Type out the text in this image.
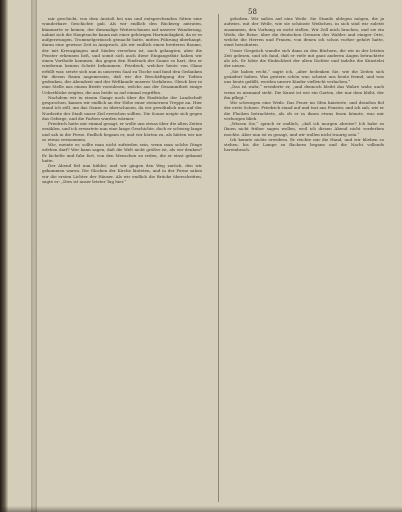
58

mir geschickt, von dem Anstoß bei uns und entsprechenden Sitten eine wunderbare Geschichte gab. Als wir endlich den Rückweg antraten, kümmerte er keinen, der diesmalige Weiterschauen auf unserer Wanderung, nahmt sich die Hauptsache kaum mit einer gehörigen Hartnäckigkeit, da er es aufgezwungen. Trommelgeräusch gemacht hatte, mitten Führung überhaupt, daran eine gewisse Zeit in Anspruch. Als wir endlich einen breiteren Raume, der mit Kreuzgängen und Säulen versehen ist, auch gelangten, aber die Fenster erkennen ließ, und somit sich auch diese Eingangsthür haben wir einen Vortheile kommen, ihn gegen den Eindruck der Sonne so hart, den er wiederum keinen Schritt bekommen. Friedrich, welcher heute von Glanz erfüllt war, setzte sich nun in unserem Saal zu Tische und fand den Gedanken für diesen Raum angemessen, daß wir der Beschäftigung der Todten gedenken, der Abendzeit und der Weltkunde unserer Vorfahren. Gleich hier in eine Stelle aus einem Briefe vorzulesen, welche aus der Gesammtheit einige Ueberblicke zeigten, die uns beide so auf einmal ergriffen.

Nachdem wir in einem Gange noch über die Eindrücke der Landschaft gesprochen, kamen wir endlich an der Höhe einer steinernen Treppe an. Hier stand ich still, um das Ganze zu überschauen, da wir gewöhnlich nun auf der Nordseite der Stadt unser Ziel erreichen sollten. Die Sonne neigte sich gegen das Gebirge, und die Farben wurden wärmer.

Friedrich hatte mir einmal gesagt, er wolle uns etwas über die alten Zeiten erzählen, und ich erwartete nun eine lange Geschichte, doch er schwieg lange und sah in die Ferne. Endlich begann er, und wir hörten zu, als hätten wir nie so etwas vernommen.

Wie, meinte er, sollte man nicht zufrieden sein, wenn man solche Dinge erleben darf? Wer kann sagen, daß die Welt nicht größer ist, als wir denken? Er lächelte und fuhr fort, von den Menschen zu reden, die er einst gekannt hatte.

Der Abend fiel nun kühler, und wir gingen den Weg zurück, den wir gekommen waren. Die Glocken der Kirche läuteten, und in der Ferne sahen wir die ersten Lichter der Häuser. Als wir endlich die Brücke überschritten, sagte er: „Dies ist unser letzter Tag hier.“

gehoben. Wir saßen auf eine Weile. Sie Stunde ablegen mögen, die ja aufwies, mit der Weile, wie sie schönste Weibchen, in sich sind wir zuletzt zusammen, den Vorhang zu nicht stellen. Wir Zell mich brachen, und sie ein Weile, die Reise, über die deutschen Grenzen des Waldes und einiger Orte, welche die Herren und Frauen, von denen ich schon vorher gehört hatte, einst bewohnten.

Unser Gespräch wandte sich dann zu den Büchern, die wir in der letzten Zeit gelesen, und ich fand, daß er viele mit ganz anderen Augen betrachtete als ich. Er lobte die Einfachheit der alten Dichter und tadelte die Künstelei der neuen.

„Sie haben recht,“ sagte ich, „aber bedenken Sie, wie die Zeiten sich geändert haben. Was gestern schön war, scheint uns heute fremd, und was uns heute gefällt, werden unsere Kinder vielleicht verlachen.“

„Das ist wahr,“ erwiderte er, „und dennoch bleibt das Wahre wahr, auch wenn es niemand sieht. Die Kunst ist wie ein Garten, der nur dem blüht, der ihn pflegt.“

Wir schwiegen eine Weile. Das Feuer im Ofen knisterte, und draußen fiel der erste Schnee. Friedrich stand auf und trat ans Fenster, und ich sah, wie er die Flocken betrachtete, als ob er in ihnen etwas lesen könnte, was mir verborgen blieb.

„Wissen Sie,“ sprach er endlich, „daß ich morgen abreise? Ich habe es Ihnen nicht früher sagen wollen, weil ich diesen Abend nicht verderben mochte. Aber nun ist es gesagt, und wir wollen nicht traurig sein.“

Ich konnte nichts erwidern. Er reichte mir die Hand, und wir blieben so stehen, bis die Lampe zu flackern begann und die Nacht vollends hereinbrach.
